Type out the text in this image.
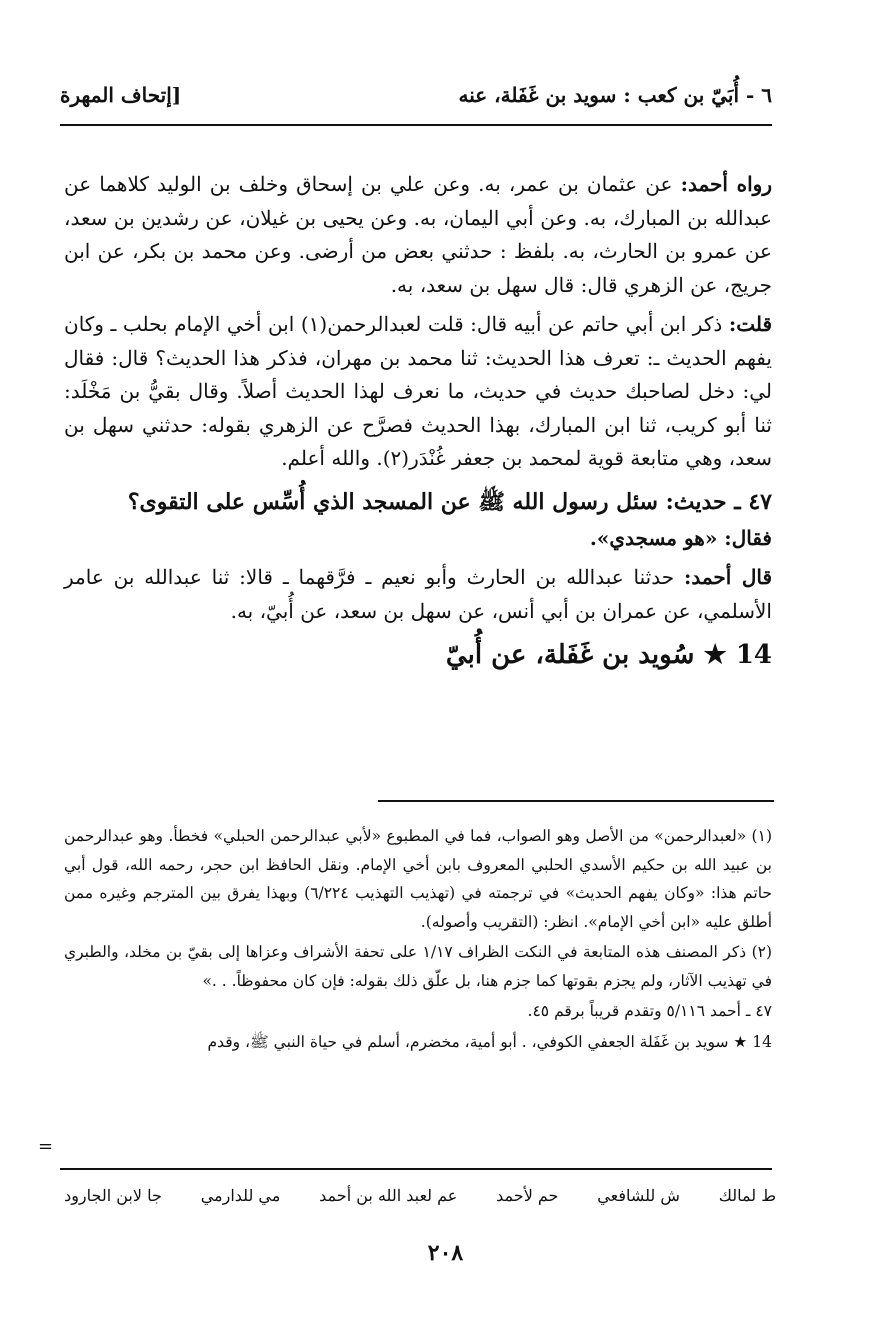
٦ - أُبَيّ بن كعب : سويد بن غَفَلة، عنه
[إتحاف المهرة

رواه أحمد: عن عثمان بن عمر، به. وعن علي بن إسحاق وخلف بن الوليد كلاهما عن عبدالله بن المبارك، به. وعن أبي اليمان، به. وعن يحيى بن غيلان، عن رشدين بن سعد، عن عمرو بن الحارث، به. بلفظ : حدثني بعض من أرضى. وعن محمد بن بكر، عن ابن جريج، عن الزهري قال: قال سهل بن سعد، به.

قلت: ذكر ابن أبي حاتم عن أبيه قال: قلت لعبدالرحمن(١) ابن أخي الإمام بحلب ـ وكان يفهم الحديث ـ: تعرف هذا الحديث: ثنا محمد بن مهران، فذكر هذا الحديث؟ قال: فقال لي: دخل لصاحبك حديث في حديث، ما نعرف لهذا الحديث أصلاً. وقال بقيُّ بن مَخْلَد: ثنا أبو كريب، ثنا ابن المبارك، بهذا الحديث فصرَّح عن الزهري بقوله: حدثني سهل بن سعد، وهي متابعة قوية لمحمد بن جعفر غُنْدَر(٢). والله أعلم.

٤٧ ـ حديث: سئل رسول الله ﷺ عن المسجد الذي أُسِّس على التقوى؟

فقال: «هو مسجدي».

قال أحمد: حدثنا عبدالله بن الحارث وأبو نعيم ـ فرَّقهما ـ قالا: ثنا عبدالله بن عامر الأسلمي، عن عمران بن أبي أنس، عن سهل بن سعد، عن أُبيّ، به.

14 ★ سُويد بن غَفَلة، عن أُبيّ

(١) «لعبدالرحمن» من الأصل وهو الصواب، فما في المطبوع «لأبي عبدالرحمن الحبلي» فخطأ. وهو عبدالرحمن بن عبيد الله بن حكيم الأسدي الحلبي المعروف بابن أخي الإمام. ونقل الحافظ ابن حجر، رحمه الله، قول أبي حاتم هذا: «وكان يفهم الحديث» في ترجمته في (تهذيب التهذيب ٦/٢٢٤) وبهذا يفرق بين المترجم وغيره ممن أطلق عليه «ابن أخي الإمام». انظر: (التقريب وأصوله).

(٢) ذكر المصنف هذه المتابعة في النكت الظراف ١/١٧ على تحفة الأشراف وعزاها إلى بقيّ بن مخلد، والطبري في تهذيب الآثار، ولم يجزم بقوتها كما جزم هنا، بل علّق ذلك بقوله: فإن كان محفوظاً. . .»

٤٧ ـ أحمد ٥/١١٦ وتقدم قريباً برقم ٤٥.

14 ★ سويد بن غَفَلة الجعفي الكوفي، . أبو أمية، مخضرم، أسلم في حياة النبي ﷺ، وقدم

=
ط لمالك
ش للشافعي
حم لأحمد
عم لعبد الله بن أحمد
مي للدارمي
جا لابن الجارود
٢٠٨
